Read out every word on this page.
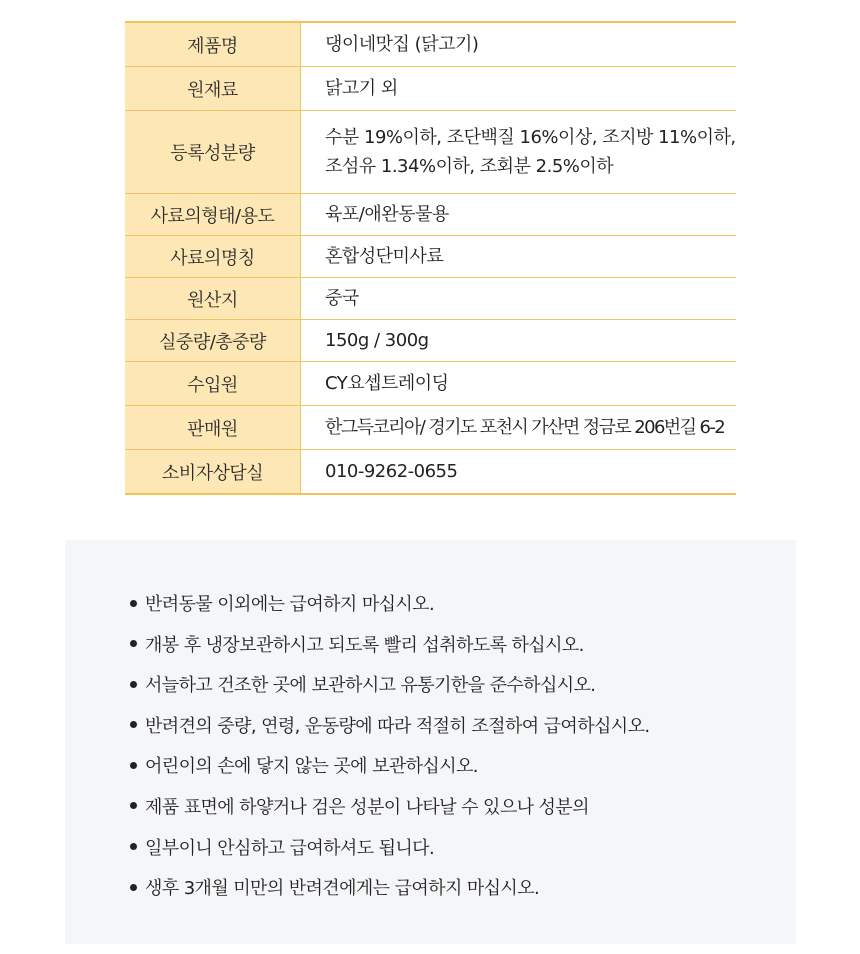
제품명	댕이네맛집 (닭고기)
원재료	닭고기 외
등록성분량	수분 19%이하, 조단백질 16%이상, 조지방 11%이하,
조섬유 1.34%이하, 조회분 2.5%이하

사료의형태/용도	육포/애완동물용
사료의명칭	혼합성단미사료
원산지	중국
실중량/총중량	150g / 300g
수입원	CY요셉트레이딩
판매원	한그득코리아/ 경기도 포천시 가산면 정금로 206번길 6-2
소비자상담실	010-9262-0655
반려동물 이외에는 급여하지 마십시오.
개봉 후 냉장보관하시고 되도록 빨리 섭취하도록 하십시오.
서늘하고 건조한 곳에 보관하시고 유통기한을 준수하십시오.
반려견의 중량, 연령, 운동량에 따라 적절히 조절하여 급여하십시오.
어린이의 손에 닿지 않는 곳에 보관하십시오.
제품 표면에 하얗거나 검은 성분이 나타날 수 있으나 성분의
일부이니 안심하고 급여하셔도 됩니다.
생후 3개월 미만의 반려견에게는 급여하지 마십시오.
